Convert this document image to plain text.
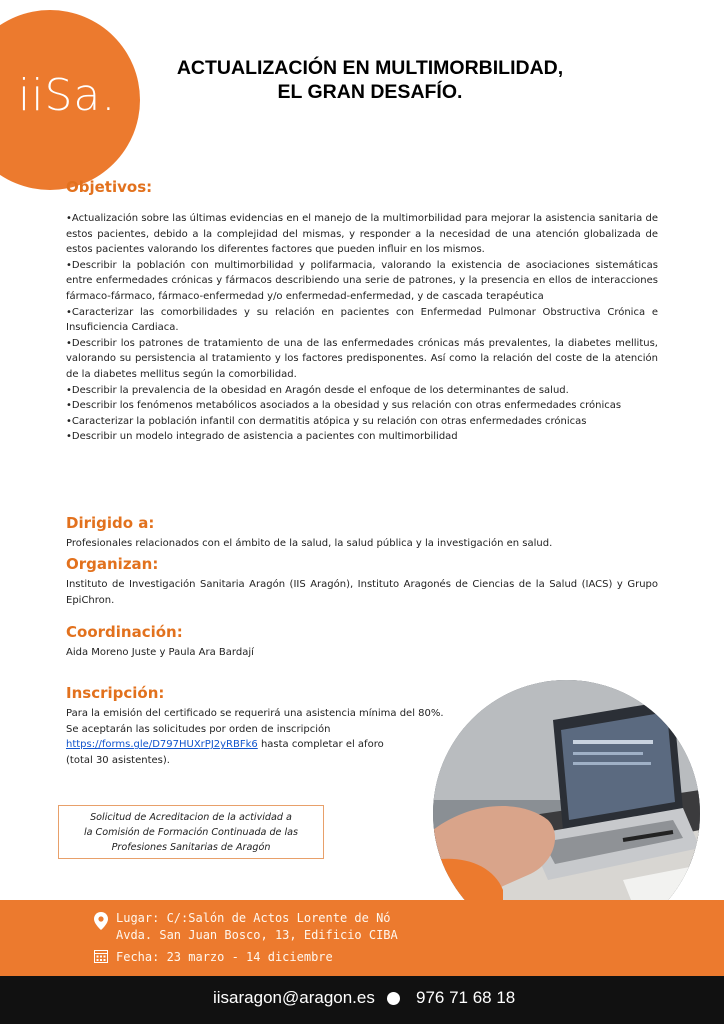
iiSa.
ACTUALIZACIÓN EN MULTIMORBILIDAD,
EL GRAN DESAFÍO.
Objetivos:

•Actualización sobre las últimas evidencias en el manejo de la multimorbilidad para mejorar la asistencia sanitaria de estos pacientes, debido a la complejidad del mismas, y responder a la necesidad de una atención globalizada de estos pacientes valorando los diferentes factores que pueden influir en los mismos.

•Describir la población con multimorbilidad y polifarmacia, valorando la existencia de asociaciones sistemáticas entre enfermedades crónicas y fármacos describiendo una serie de patrones, y la presencia en ellos de interacciones fármaco-fármaco, fármaco-enfermedad y/o enfermedad-enfermedad, y de cascada terapéutica

•Caracterizar las comorbilidades y su relación en pacientes con Enfermedad Pulmonar Obstructiva Crónica e Insuficiencia Cardiaca.

•Describir los patrones de tratamiento de una de las enfermedades crónicas más prevalentes, la diabetes mellitus, valorando su persistencia al tratamiento y los factores predisponentes. Así como la relación del coste de la atención de la diabetes mellitus según la comorbilidad.

•Describir la prevalencia de la obesidad en Aragón desde el enfoque de los determinantes de salud.

•Describir los fenómenos metabólicos asociados a la obesidad y sus relación con otras enfermedades crónicas

•Caracterizar la población infantil con dermatitis atópica y su relación con otras enfermedades crónicas

•Describir un modelo integrado de asistencia a pacientes con multimorbilidad

Dirigido a:
Profesionales relacionados con el ámbito de la salud, la salud pública y la investigación en salud.
Organizan:
Instituto de Investigación Sanitaria Aragón (IIS Aragón), Instituto Aragonés de Ciencias de la Salud (IACS) y Grupo EpiChron.
Coordinación:
Aida Moreno Juste y Paula Ara Bardají
Inscripción:

Para la emisión del certificado se requerirá una asistencia mínima del 80%.

Se aceptarán las solicitudes por orden de inscripción

https://forms.gle/D797HUXrPJ2yRBFk6 hasta completar el aforo

(total 30 asistentes).

Solicitud de Acreditacion de la actividad a
la Comisión de Formación Continuada de las
Profesiones Sanitarias de Aragón
Lugar: C/:Salón de Actos Lorente de Nó
Avda. San Juan Bosco, 13, Edificio CIBA
Fecha: 23 marzo - 14 diciembre
iisaragon@aragon.es 976 71 68 18
